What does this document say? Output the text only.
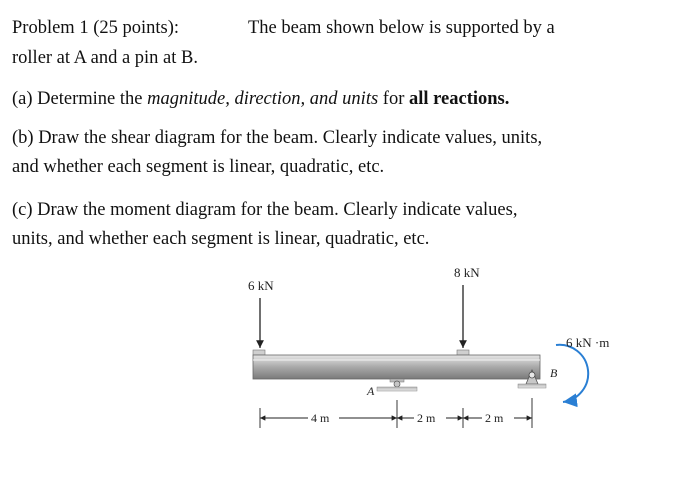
Problem 1 (25 points):	The beam shown below is supported by a
roller at A and a pin at B.
(a) Determine the magnitude, direction, and units for all reactions.
(b) Draw the shear diagram for the beam. Clearly indicate values, units,
and whether each segment is linear, quadratic, etc.
(c) Draw the moment diagram for the beam. Clearly indicate values,
units, and whether each segment is linear, quadratic, etc.
6 kN
8 kN
A
B
6 kN ·m
4 m	2 m	2 m
